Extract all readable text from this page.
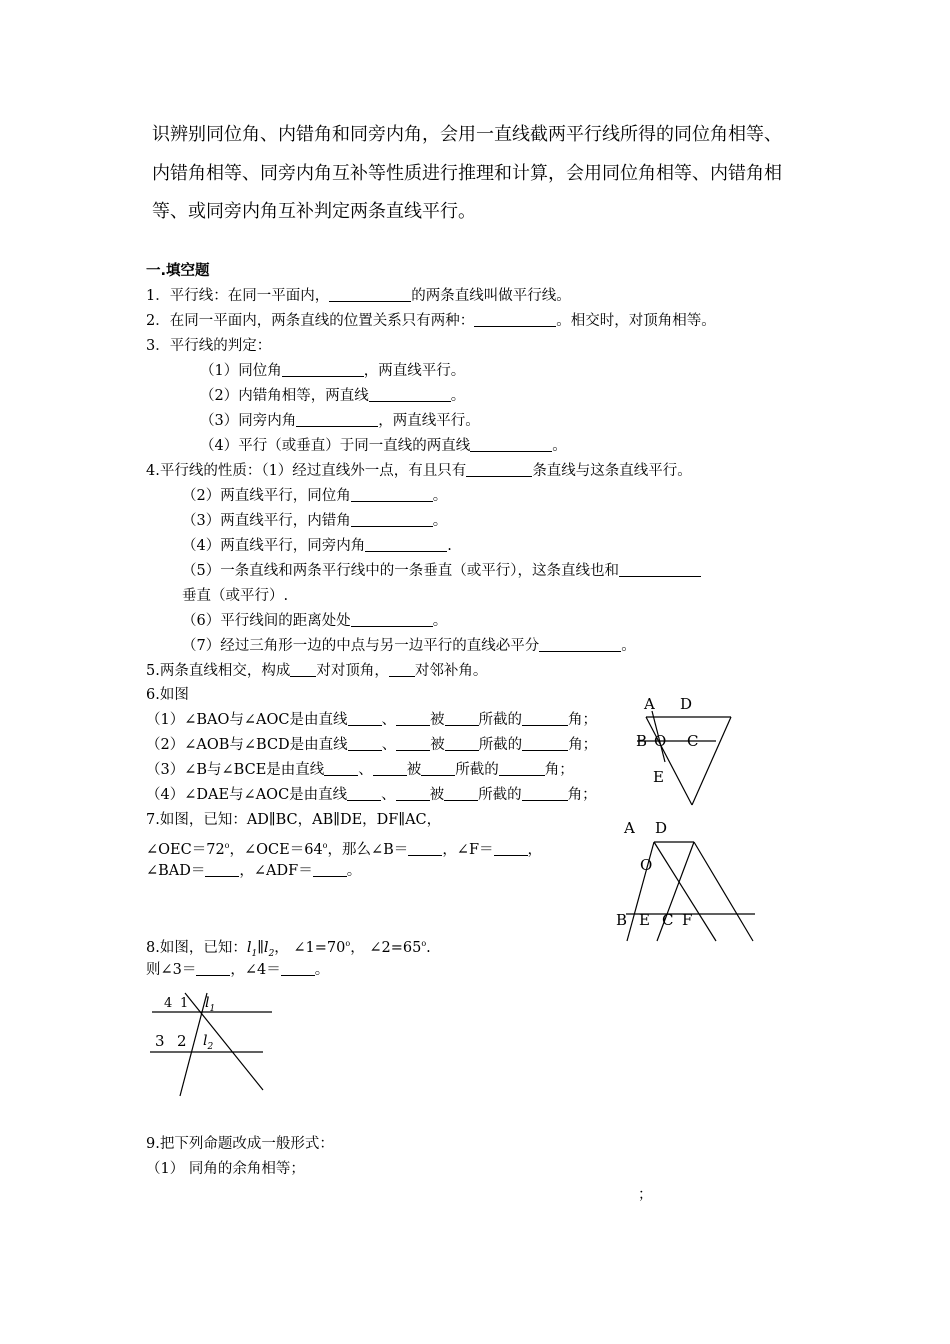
识辨别同位角、内错角和同旁内角，会用一直线截两平行线所得的同位角相等、
内错角相等、同旁内角互补等性质进行推理和计算，会用同位角相等、内错角相
等、或同旁内角互补判定两条直线平行。
一.填空题
1．平行线：在同一平面内，	的两条直线叫做平行线。
2．在同一平面内，两条直线的位置关系只有两种：	。相交时，对顶角相等。
3．平行线的判定：
（1）同位角	，两直线平行。
（2）内错角相等，两直线	。
（3）同旁内角	，两直线平行。
（4）平行（或垂直）于同一直线的两直线	。
4.平行线的性质：（1）经过直线外一点，有且只有	条直线与这条直线平行。
（2）两直线平行，同位角	。
（3）两直线平行，内错角	。
（4）两直线平行，同旁内角	.
（5）一条直线和两条平行线中的一条垂直（或平行），这条直线也和
垂直（或平行）.
（6）平行线间的距离处处	。
（7）经过三角形一边的中点与另一边平行的直线必平分	。
5.两条直线相交，构成 对对顶角， 对邻补角。
6.如图
（1）∠BAO与∠AOC是由直线 、 被 所截的	角；
（2）∠AOB与∠BCD是由直线 、 被 所截的	角；
（3）∠B与∠BCE是由直线 、 被 所截的	角；
（4）∠DAE与∠AOC是由直线 、 被 所截的	角；
A D
B O C
E
7.如图，已知：AD∥BC，AB∥DE，DF∥AC，
$\angle OEC=72^o$，$\angle OCE=64^o$，那么∠B＝ ，∠F＝ ，
∠BAD＝ ，∠ADF＝ 。
A D
O
B E C F
8.如图，已知：$l_1\parallel l_2$， $\angle 1=70^o$， $\angle 2=65^o$.
则∠3＝ ，∠4＝ 。
4 1 $l_1$
3 2 $l_2$
9.把下列命题改成一般形式：
（1） 同角的余角相等；
；
